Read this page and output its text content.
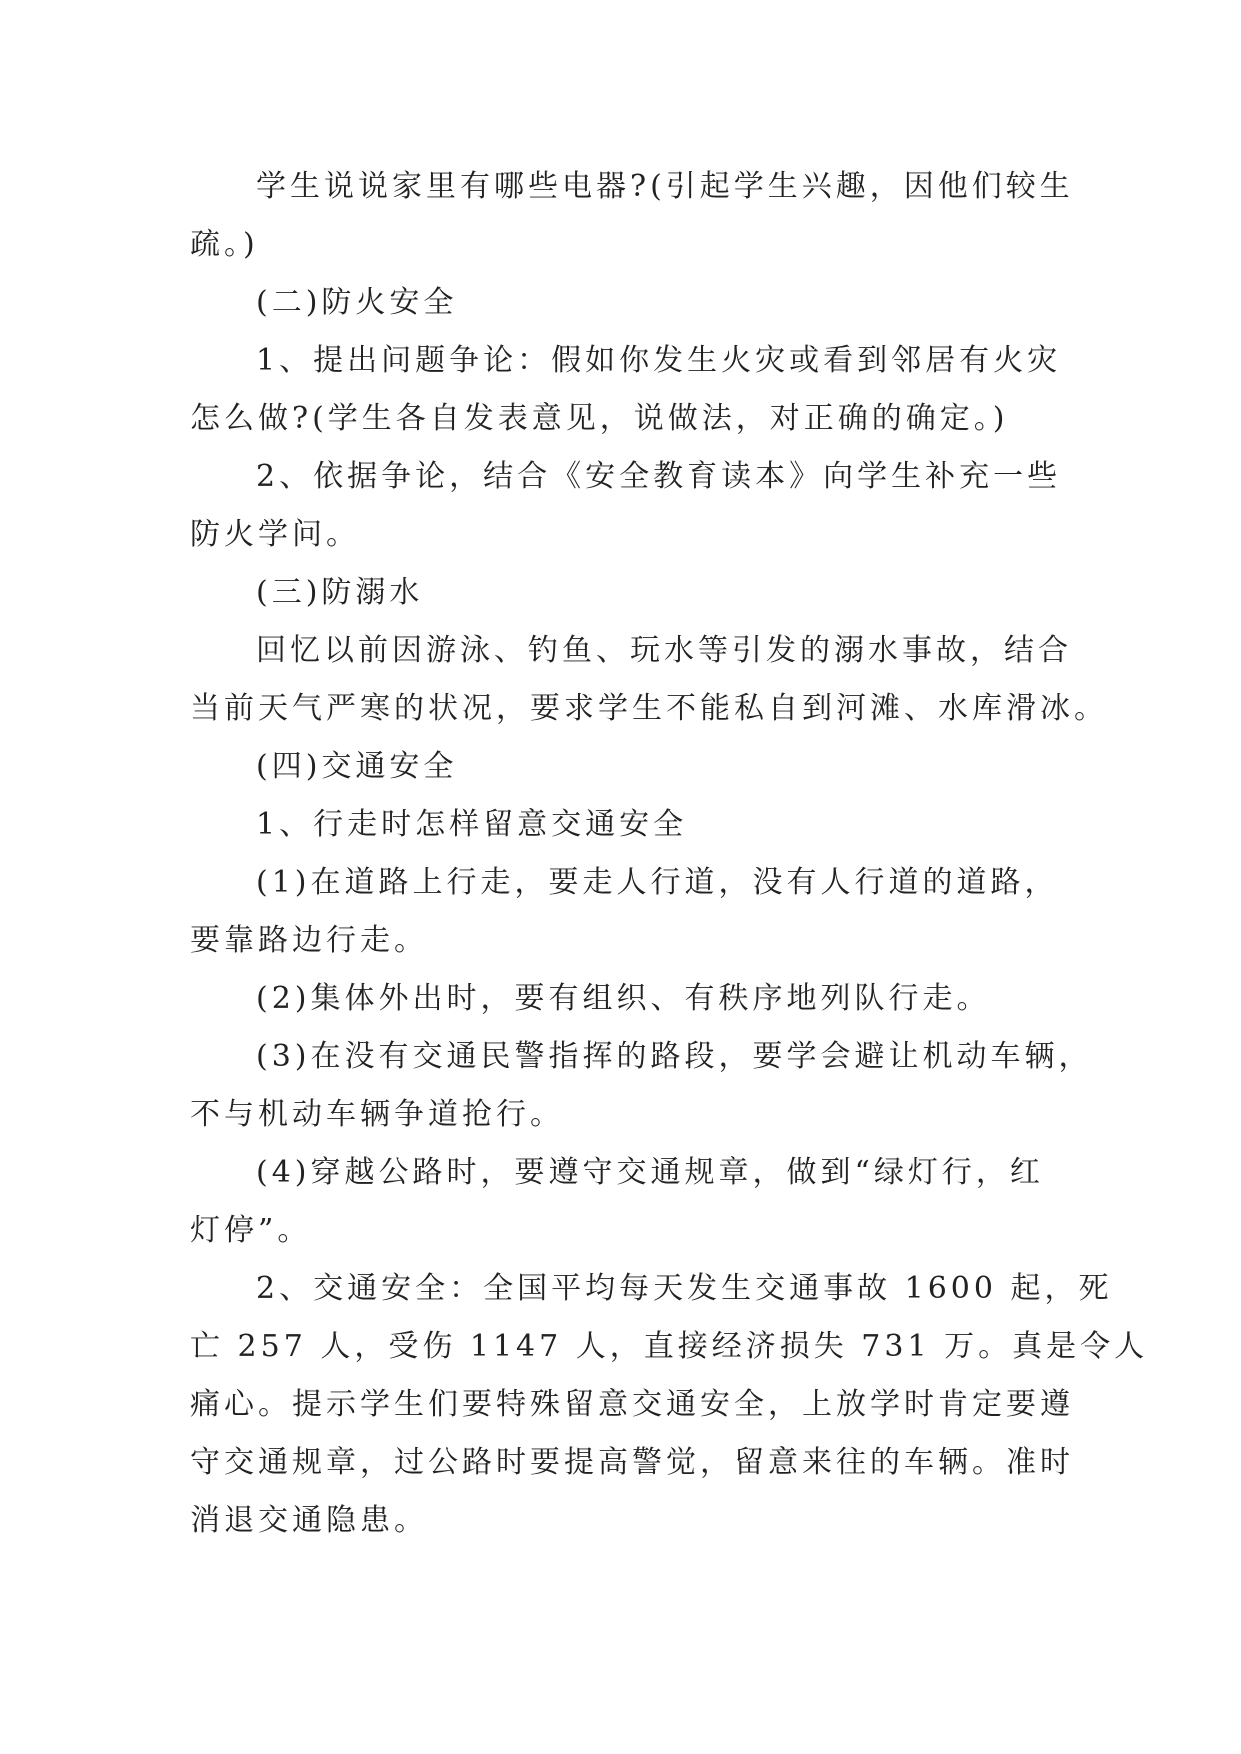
学生说说家里有哪些电器?(引起学生兴趣，因他们较生
疏。)

(二)防火安全

1、提出问题争论：假如你发生火灾或看到邻居有火灾
怎么做?(学生各自发表意见，说做法，对正确的确定。)

2、依据争论，结合《安全教育读本》向学生补充一些
防火学问。

(三)防溺水

回忆以前因游泳、钓鱼、玩水等引发的溺水事故，结合
当前天气严寒的状况，要求学生不能私自到河滩、水库滑冰。

(四)交通安全

1、行走时怎样留意交通安全

(1)在道路上行走，要走人行道，没有人行道的道路，
要靠路边行走。

(2)集体外出时，要有组织、有秩序地列队行走。

(3)在没有交通民警指挥的路段，要学会避让机动车辆，
不与机动车辆争道抢行。

(4)穿越公路时，要遵守交通规章，做到“绿灯行，红
灯停”。

2、交通安全：全国平均每天发生交通事故 1600 起，死
亡 257 人，受伤 1147 人，直接经济损失 731 万。真是令人
痛心。提示学生们要特殊留意交通安全，上放学时肯定要遵
守交通规章，过公路时要提高警觉，留意来往的车辆。准时
消退交通隐患。
